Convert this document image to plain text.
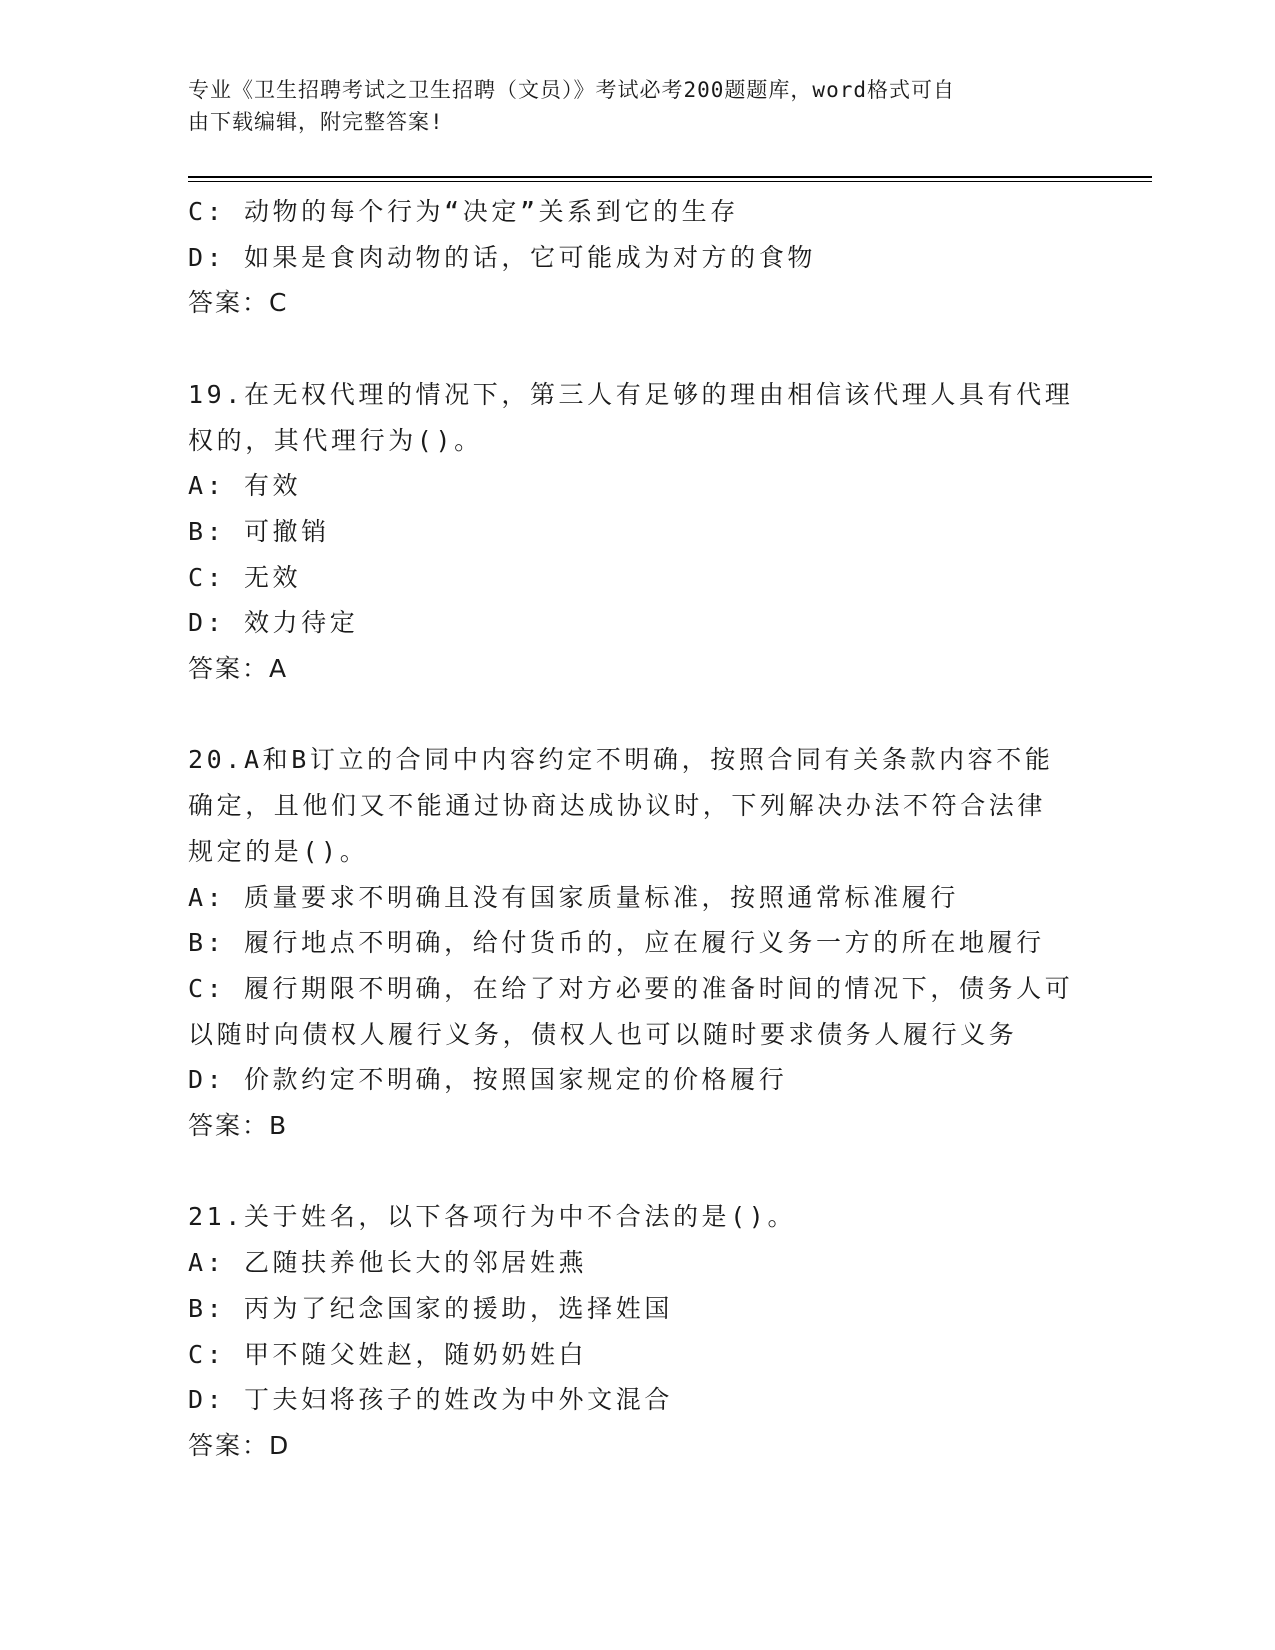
专业《卫生招聘考试之卫生招聘（文员）》考试必考200题题库，word格式可自
由下载编辑，附完整答案!
C: 动物的每个行为“决定”关系到它的生存
D: 如果是食肉动物的话，它可能成为对方的食物
答案：C
19.在无权代理的情况下，第三人有足够的理由相信该代理人具有代理
权的，其代理行为()。
A: 有效
B: 可撤销
C: 无效
D: 效力待定
答案：A
20.A和B订立的合同中内容约定不明确，按照合同有关条款内容不能
确定，且他们又不能通过协商达成协议时，下列解决办法不符合法律
规定的是()。
A: 质量要求不明确且没有国家质量标准，按照通常标准履行
B: 履行地点不明确，给付货币的，应在履行义务一方的所在地履行
C: 履行期限不明确，在给了对方必要的准备时间的情况下，债务人可
以随时向债权人履行义务，债权人也可以随时要求债务人履行义务
D: 价款约定不明确，按照国家规定的价格履行
答案：B
21.关于姓名，以下各项行为中不合法的是()。
A: 乙随扶养他长大的邻居姓燕
B: 丙为了纪念国家的援助，选择姓国
C: 甲不随父姓赵，随奶奶姓白
D: 丁夫妇将孩子的姓改为中外文混合
答案：D
